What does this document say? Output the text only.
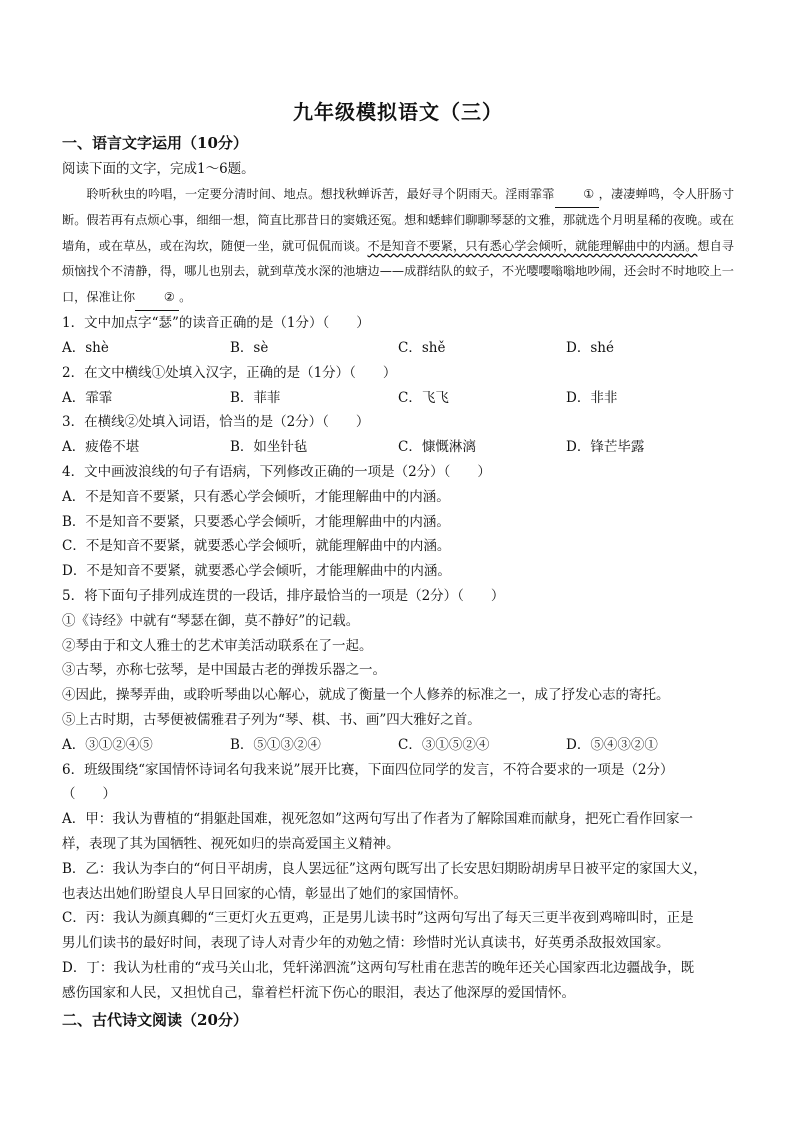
九年级模拟语文（三）
一、语言文字运用（10分）
阅读下面的文字，完成1～6题。
聆听秋虫的吟唱，一定要分清时间、地点。想找秋蝉诉苦，最好寻个阴雨天。淫雨霏霏 ① ，凄凄蝉鸣，令人肝肠寸断。假若再有点烦心事，细细一想，简直比那昔日的窦娥还冤。想和蟋蟀们聊聊琴瑟的文雅，那就选个月明星稀的夜晚。或在墙角，或在草丛，或在沟坎，随便一坐，就可侃侃而谈。不是知音不要紧，只有悉心学会倾听，就能理解曲中的内涵。想自寻烦恼找个不清静，得，哪儿也别去，就到草茂水深的池塘边——成群结队的蚊子，不光嘤嘤嗡嗡地吵闹，还会时不时地咬上一口，保准让你 ② 。
1．文中加点字“瑟”的读音正确的是（1分）（　　）
A．shè	B．sè	C．shě	D．shé
2．在文中横线①处填入汉字，正确的是（1分）（　　）
A．霏霏	B．菲菲	C．飞飞	D．非非
3．在横线②处填入词语，恰当的是（2分）（　　）
A．疲倦不堪	B．如坐针毡	C．慷慨淋漓	D．锋芒毕露
4．文中画波浪线的句子有语病，下列修改正确的一项是（2分）（　　）
A．不是知音不要紧，只有悉心学会倾听，才能理解曲中的内涵。
B．不是知音不要紧，只要悉心学会倾听，才能理解曲中的内涵。
C．不是知音不要紧，就要悉心学会倾听，就能理解曲中的内涵。
D．不是知音不要紧，就要悉心学会倾听，才能理解曲中的内涵。
5．将下面句子排列成连贯的一段话，排序最恰当的一项是（2分）（　　）
①《诗经》中就有“琴瑟在御，莫不静好”的记载。
②琴由于和文人雅士的艺术审美活动联系在了一起。
③古琴，亦称七弦琴，是中国最古老的弹拨乐器之一。
④因此，操琴弄曲，或聆听琴曲以心解心，就成了衡量一个人修养的标准之一，成了抒发心志的寄托。
⑤上古时期，古琴便被儒雅君子列为“琴、棋、书、画”四大雅好之首。
A．③①②④⑤	B．⑤①③②④	C．③①⑤②④	D．⑤④③②①
6．班级围绕“家国情怀诗词名句我来说”展开比赛，下面四位同学的发言，不符合要求的一项是（2分）
（　　）
A．甲：我认为曹植的“捐躯赴国难，视死忽如”这两句写出了作者为了解除国难而献身，把死亡看作回家一
样，表现了其为国牺牲、视死如归的崇高爱国主义精神。
B．乙：我认为李白的“何日平胡虏，良人罢远征”这两句既写出了长安思妇期盼胡虏早日被平定的家国大义，
也表达出她们盼望良人早日回家的心情，彰显出了她们的家国情怀。
C．丙：我认为颜真卿的“三更灯火五更鸡，正是男儿读书时”这两句写出了每天三更半夜到鸡啼叫时，正是
男儿们读书的最好时间，表现了诗人对青少年的劝勉之情：珍惜时光认真读书，好英勇杀敌报效国家。
D．丁：我认为杜甫的“戎马关山北，凭轩涕泗流”这两句写杜甫在悲苦的晚年还关心国家西北边疆战争，既
感伤国家和人民，又担忧自己，靠着栏杆流下伤心的眼泪，表达了他深厚的爱国情怀。
二、古代诗文阅读（20分）
